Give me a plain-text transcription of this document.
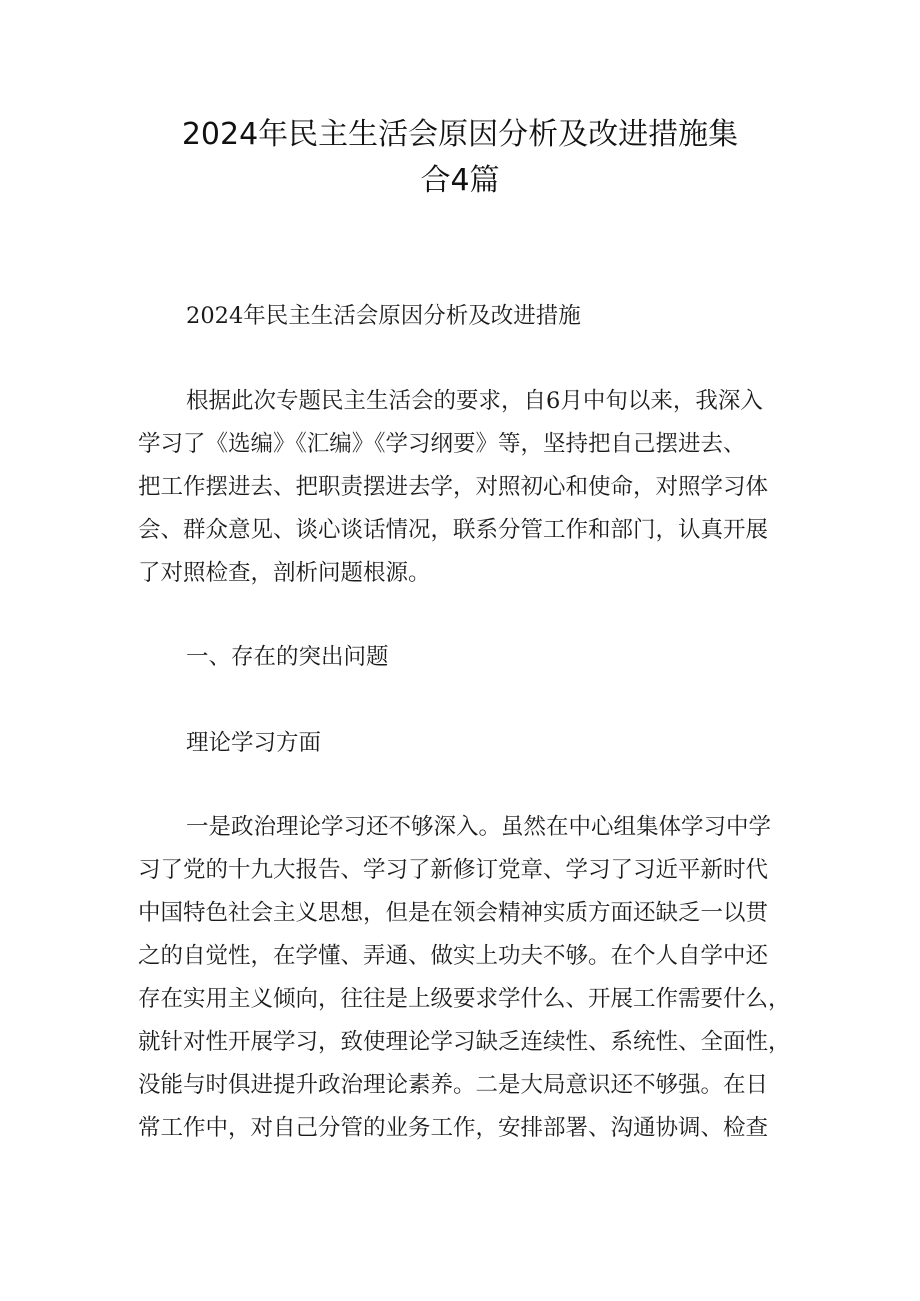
2024年民主生活会原因分析及改进措施集
合4篇

2024年民主生活会原因分析及改进措施

根据此次专题民主生活会的要求，自6月中旬以来，我深入
学习了《选编》《汇编》《学习纲要》等，坚持把自己摆进去、
把工作摆进去、把职责摆进去学，对照初心和使命，对照学习体
会、群众意见、谈心谈话情况，联系分管工作和部门，认真开展
了对照检查，剖析问题根源。

一、存在的突出问题

理论学习方面

一是政治理论学习还不够深入。虽然在中心组集体学习中学
习了党的十九大报告、学习了新修订党章、学习了习近平新时代
中国特色社会主义思想，但是在领会精神实质方面还缺乏一以贯
之的自觉性，在学懂、弄通、做实上功夫不够。在个人自学中还
存在实用主义倾向，往往是上级要求学什么、开展工作需要什么，
就针对性开展学习，致使理论学习缺乏连续性、系统性、全面性，
没能与时俱进提升政治理论素养。二是大局意识还不够强。在日
常工作中，对自己分管的业务工作，安排部署、沟通协调、检查
